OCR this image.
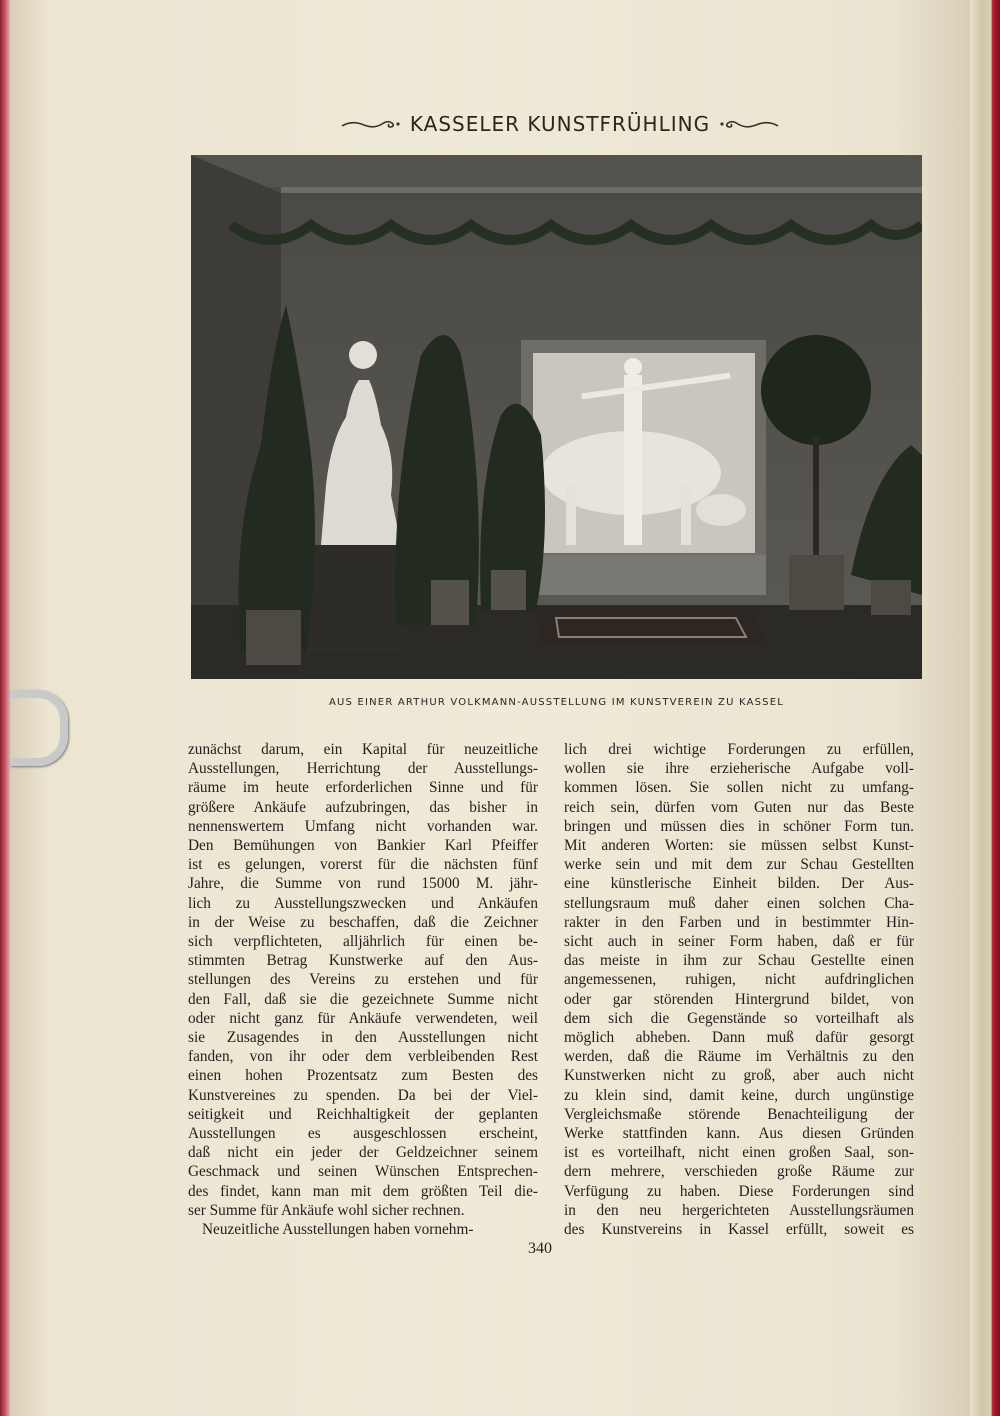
KASSELER KUNSTFRÜHLING
AUS EINER ARTHUR VOLKMANN-AUSSTELLUNG IM KUNSTVEREIN ZU KASSEL
zunächst darum, ein Kapital für neuzeitliche
Ausstellungen, Herrichtung der Ausstellungs-
räume im heute erforderlichen Sinne und für
größere Ankäufe aufzubringen, das bisher in
nennenswertem Umfang nicht vorhanden war.
Den Bemühungen von Bankier Karl Pfeiffer
ist es gelungen, vorerst für die nächsten fünf
Jahre, die Summe von rund 15000 M. jähr-
lich zu Ausstellungszwecken und Ankäufen
in der Weise zu beschaffen, daß die Zeichner
sich verpflichteten, alljährlich für einen be-
stimmten Betrag Kunstwerke auf den Aus-
stellungen des Vereins zu erstehen und für
den Fall, daß sie die gezeichnete Summe nicht
oder nicht ganz für Ankäufe verwendeten, weil
sie Zusagendes in den Ausstellungen nicht
fanden, von ihr oder dem verbleibenden Rest
einen hohen Prozentsatz zum Besten des
Kunstvereines zu spenden. Da bei der Viel-
seitigkeit und Reichhaltigkeit der geplanten
Ausstellungen es ausgeschlossen erscheint,
daß nicht ein jeder der Geldzeichner seinem
Geschmack und seinen Wünschen Entsprechen-
des findet, kann man mit dem größten Teil die-
ser Summe für Ankäufe wohl sicher rechnen.
Neuzeitliche Ausstellungen haben vornehm-
lich drei wichtige Forderungen zu erfüllen,
wollen sie ihre erzieherische Aufgabe voll-
kommen lösen. Sie sollen nicht zu umfang-
reich sein, dürfen vom Guten nur das Beste
bringen und müssen dies in schöner Form tun.
Mit anderen Worten: sie müssen selbst Kunst-
werke sein und mit dem zur Schau Gestellten
eine künstlerische Einheit bilden. Der Aus-
stellungsraum muß daher einen solchen Cha-
rakter in den Farben und in bestimmter Hin-
sicht auch in seiner Form haben, daß er für
das meiste in ihm zur Schau Gestellte einen
angemessenen, ruhigen, nicht aufdringlichen
oder gar störenden Hintergrund bildet, von
dem sich die Gegenstände so vorteilhaft als
möglich abheben. Dann muß dafür gesorgt
werden, daß die Räume im Verhältnis zu den
Kunstwerken nicht zu groß, aber auch nicht
zu klein sind, damit keine, durch ungünstige
Vergleichsmaße störende Benachteiligung der
Werke stattfinden kann. Aus diesen Gründen
ist es vorteilhaft, nicht einen großen Saal, son-
dern mehrere, verschieden große Räume zur
Verfügung zu haben. Diese Forderungen sind
in den neu hergerichteten Ausstellungsräumen
des Kunstvereins in Kassel erfüllt, soweit es
340
